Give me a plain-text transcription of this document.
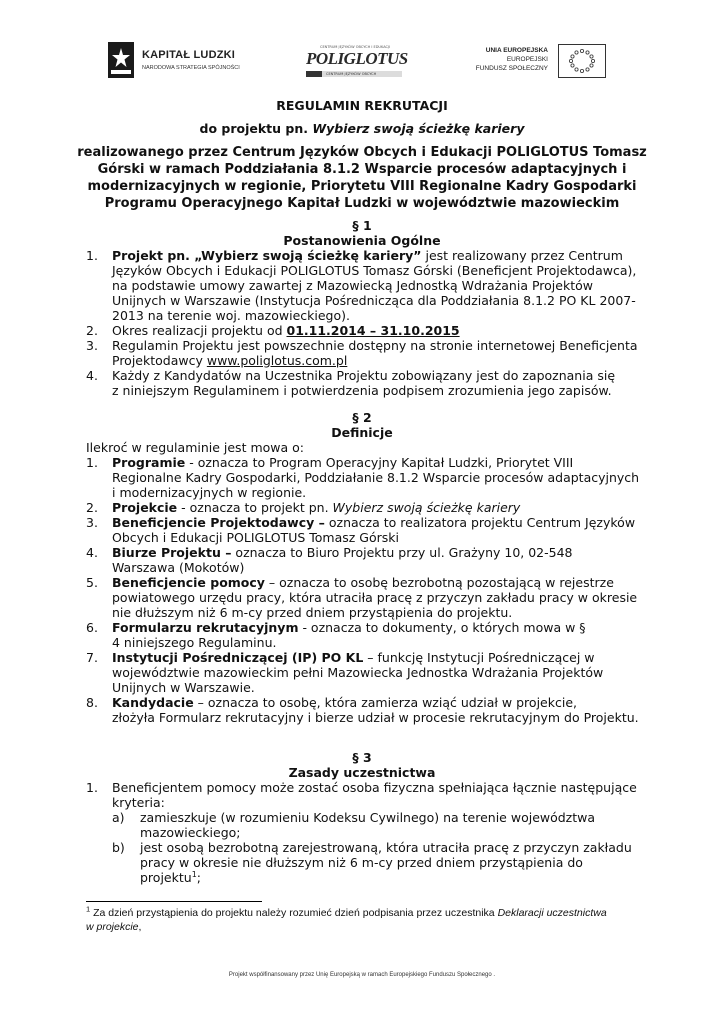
KAPITAŁ LUDZKI
NARODOWA STRATEGIA SPÓJNOŚCI
CENTRUM JĘZYKÓW OBCYCH I EDUKACJI
POLIGLOTUS
CENTRUM JĘZYKÓW OBCYCH
UNIA EUROPEJSKA
EUROPEJSKI
FUNDUSZ SPOŁECZNY
REGULAMIN REKRUTACJI
do projektu pn. Wybierz swoją ścieżkę kariery
realizowanego przez Centrum Języków Obcych i Edukacji POLIGLOTUS Tomasz
Górski w ramach Poddziałania 8.1.2 Wsparcie procesów adaptacyjnych i
modernizacyjnych w regionie, Priorytetu VIII Regionalne Kadry Gospodarki
Programu Operacyjnego Kapitał Ludzki w województwie mazowieckim
§ 1
Postanowienia Ogólne
1. Projekt pn. „Wybierz swoją ścieżkę kariery” jest realizowany przez Centrum
Języków Obcych i Edukacji POLIGLOTUS Tomasz Górski (Beneficjent Projektodawca),
na podstawie umowy zawartej z Mazowiecką Jednostką Wdrażania Projektów
Unijnych w Warszawie (Instytucja Pośrednicząca dla Poddziałania 8.1.2 PO KL 2007-
2013 na terenie woj. mazowieckiego).
2. Okres realizacji projektu od 01.11.2014 – 31.10.2015
3. Regulamin Projektu jest powszechnie dostępny na stronie internetowej Beneficjenta
Projektodawcy www.poliglotus.com.pl
4. Każdy z Kandydatów na Uczestnika Projektu zobowiązany jest do zapoznania się
z niniejszym Regulaminem i potwierdzenia podpisem zrozumienia jego zapisów.
§ 2
Definicje
Ilekroć w regulaminie jest mowa o:
1. Programie - oznacza to Program Operacyjny Kapitał Ludzki, Priorytet VIII
Regionalne Kadry Gospodarki, Poddziałanie 8.1.2 Wsparcie procesów adaptacyjnych
i modernizacyjnych w regionie.
2. Projekcie - oznacza to projekt pn. Wybierz swoją ścieżkę kariery
3. Beneficjencie Projektodawcy – oznacza to realizatora projektu Centrum Języków
Obcych i Edukacji POLIGLOTUS Tomasz Górski
4. Biurze Projektu – oznacza to Biuro Projektu przy ul. Grażyny 10, 02-548
Warszawa (Mokotów)
5. Beneficjencie pomocy – oznacza to osobę bezrobotną pozostającą w rejestrze
powiatowego urzędu pracy, która utraciła pracę z przyczyn zakładu pracy w okresie
nie dłuższym niż 6 m-cy przed dniem przystąpienia do projektu.
6. Formularzu rekrutacyjnym - oznacza to dokumenty, o których mowa w §
4 niniejszego Regulaminu.
7. Instytucji Pośredniczącej (IP) PO KL – funkcję Instytucji Pośredniczącej w
województwie mazowieckim pełni Mazowiecka Jednostka Wdrażania Projektów
Unijnych w Warszawie.
8. Kandydacie – oznacza to osobę, która zamierza wziąć udział w projekcie,
złożyła Formularz rekrutacyjny i bierze udział w procesie rekrutacyjnym do Projektu.
§ 3
Zasady uczestnictwa
1. Beneficjentem pomocy może zostać osoba fizyczna spełniająca łącznie następujące
kryteria:
a) zamieszkuje (w rozumieniu Kodeksu Cywilnego) na terenie województwa
mazowieckiego;
b) jest osobą bezrobotną zarejestrowaną, która utraciła pracę z przyczyn zakładu
pracy w okresie nie dłuższym niż 6 m-cy przed dniem przystąpienia do
projektu$^1$;
$^1$ Za dzień przystąpienia do projektu należy rozumieć dzień podpisania przez uczestnika Deklaracji uczestnictwa
w projekcie,
Projekt współfinansowany przez Unię Europejską w ramach Europejskiego Funduszu Społecznego .
